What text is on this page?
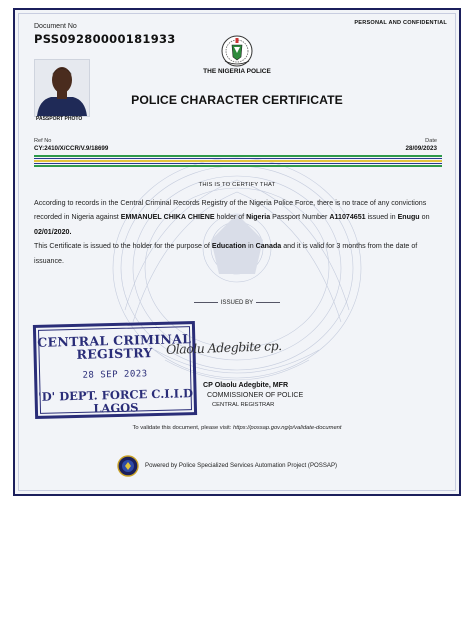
Document No
PSS09280000181933
PERSONAL AND CONFIDENTIAL
THE NIGERIA POLICE
PASSPORT PHOTO
POLICE CHARACTER CERTIFICATE
Ref No
CY:2410/X/CCR/V.9/18699
Date
28/09/2023
THIS IS TO CERTIFY THAT

According to records in the Central Criminal Records Registry of the Nigeria Police Force, there is no trace of any convictions recorded in Nigeria against EMMANUEL CHIKA CHIENE holder of Nigeria Passport Number A11074651 issued in Enugu on 02/01/2020.

This Certificate is issued to the holder for the purpose of Education in Canada and it is valid for 3 months from the date of issuance.

ISSUED BY
CENTRAL CRIMINAL
REGISTRY
28 SEP 2023
'D' DEPT. FORCE C.I.I.D
LAGOS
Olaolu Adegbite cp.
CP Olaolu Adegbite, MFR
COMMISSIONER OF POLICE
CENTRAL REGISTRAR
To validate this document, please visit: https://possap.gov.ng/p/validate-document
Powered by Police Specialized Services Automation Project (POSSAP)
